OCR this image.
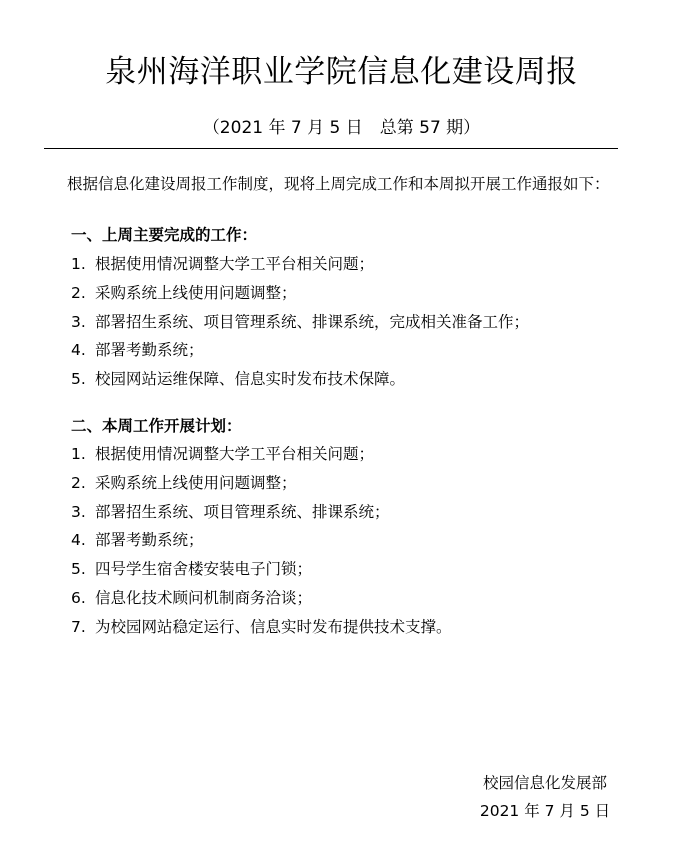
泉州海洋职业学院信息化建设周报
（2021 年 7 月 5 日　总第 57 期）
根据信息化建设周报工作制度，现将上周完成工作和本周拟开展工作通报如下：
一、上周主要完成的工作：
1. 根据使用情况调整大学工平台相关问题；
2. 采购系统上线使用问题调整；
3. 部署招生系统、项目管理系统、排课系统，完成相关准备工作；
4. 部署考勤系统；
5. 校园网站运维保障、信息实时发布技术保障。
二、本周工作开展计划：
1. 根据使用情况调整大学工平台相关问题；
2. 采购系统上线使用问题调整；
3. 部署招生系统、项目管理系统、排课系统；
4. 部署考勤系统；
5. 四号学生宿舍楼安装电子门锁；
6. 信息化技术顾问机制商务洽谈；
7. 为校园网站稳定运行、信息实时发布提供技术支撑。
校园信息化发展部
2021 年 7 月 5 日
